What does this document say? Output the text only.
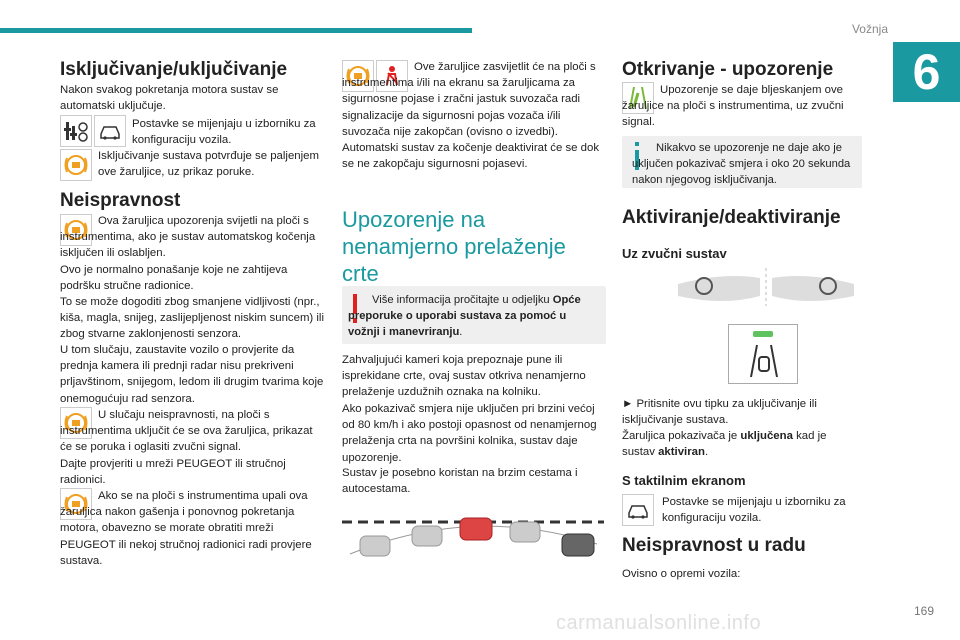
Vožnja
6
Isključivanje/uključivanje

Nakon svakog pokretanja motora sustav se automatski uključuje.

Postavke se mijenjaju u izborniku za konfiguraciju vozila.

Isključivanje sustava potvrđuje se paljenjem ove žaruljice, uz prikaz poruke.

Neispravnost

Ova žaruljica upozorenja svijetli na ploči s instrumentima, ako je sustav automatskog kočenja isključen ili oslabljen.

Ovo je normalno ponašanje koje ne zahtijeva podršku stručne radionice.

To se može dogoditi zbog smanjene vidljivosti (npr., kiša, magla, snijeg, zaslijepljenost niskim suncem) ili zbog stvarne zaklonjenosti senzora.

U tom slučaju, zaustavite vozilo o provjerite da prednja kamera ili prednji radar nisu prekriveni prljavštinom, snijegom, ledom ili drugim tvarima koje onemogućuju rad senzora.

U slučaju neispravnosti, na ploči s instrumentima uključit će se ova žaruljica, prikazat će se poruka i oglasiti zvučni signal.

Dajte provjeriti u mreži PEUGEOT ili stručnoj radionici.

Ako se na ploči s instrumentima upali ova žaruljica nakon gašenja i ponovnog pokretanja motora, obavezno se morate obratiti mreži PEUGEOT ili nekoj stručnoj radionici radi provjere sustava.

Ove žaruljice zasvijetlit će na ploči s instrumentima i/ili na ekranu sa žaruljicama za sigurnosne pojase i zračni jastuk suvozača radi signalizacije da sigurnosni pojas vozača i/ili suvozača nije zakopčan (ovisno o izvedbi). Automatski sustav za kočenje deaktivirat će se dok se ne zakopčaju sigurnosni pojasevi.

Upozorenje na nenamjerno prelaženje crte

Više informacija pročitajte u odjeljku Opće preporuke o uporabi sustava za pomoć u vožnji i manevriranju.

Zahvaljujući kameri koja prepoznaje pune ili isprekidane crte, ovaj sustav otkriva nenamjerno prelaženje uzdužnih oznaka na kolniku.

Ako pokazivač smjera nije uključen pri brzini većoj od 80 km/h i ako postoji opasnost od nenamjernog prelaženja crta na površini kolnika, sustav daje upozorenje.

Sustav je posebno koristan na brzim cestama i autocestama.

Otkrivanje - upozorenje

Upozorenje se daje bljeskanjem ove žaruljice na ploči s instrumentima, uz zvučni signal.

Nikakvo se upozorenje ne daje ako je uključen pokazivač smjera i oko 20 sekunda nakon njegovog isključivanja.

Aktiviranje/deaktiviranje
Uz zvučni sustav

► Pritisnite ovu tipku za uključivanje ili isključivanje sustava.

Žaruljica pokazivača je uključena kad je sustav aktiviran.

S taktilnim ekranom

Postavke se mijenjaju u izborniku za konfiguraciju vozila.

Neispravnost u radu

Ovisno o opremi vozila:

169
carmanualsonline.info
